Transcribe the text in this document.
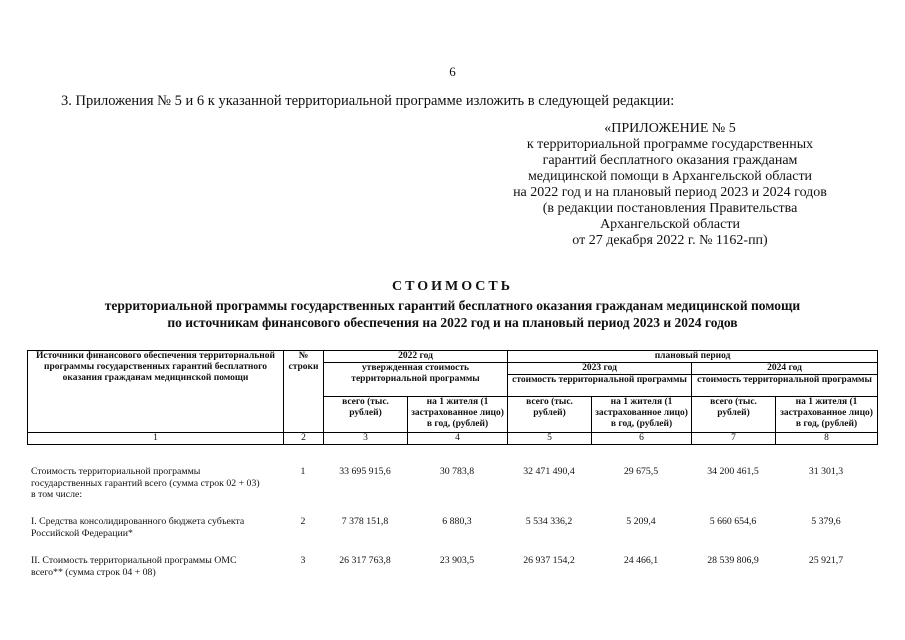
6
3. Приложения № 5 и 6 к указанной территориальной программе изложить в следующей редакции:
«ПРИЛОЖЕНИЕ № 5
к территориальной программе государственных
гарантий бесплатного оказания гражданам
медицинской помощи в Архангельской области
на 2022 год и на плановый период 2023 и 2024 годов
(в редакции постановления Правительства
Архангельской области
от 27 декабря 2022 г. № 1162-пп)
СТОИМОСТЬ
территориальной программы государственных гарантий бесплатного оказания гражданам медицинской помощи
по источникам финансового обеспечения на 2022 год и на плановый период 2023 и 2024 годов
Источники финансового обеспечения территориальной программы государственных гарантий бесплатного оказания гражданам медицинской помощи	№ строки	2022 год		плановый период			
		утвержденная стоимость территориальной программы		2023 год		2024 год	
				стоимость территориальной программы		стоимость территориальной программы	
		всего (тыс. рублей)	на 1 жителя (1 застрахованное лицо) в год, (рублей)	всего (тыс. рублей)	на 1 жителя (1 застрахованное лицо) в год, (рублей)	всего (тыс. рублей)	на 1 жителя (1 застрахованное лицо) в год, (рублей)
1	2	3	4	5	6	7	8
Стоимость территориальной программы
государственных гарантий всего (сумма строк 02 + 03)
в том числе:
1	33 695 915,6	30 783,8	32 471 490,4	29 675,5	34 200 461,5	31 301,3
I. Средства консолидированного бюджета субъекта
Российской Федерации*
2	7 378 151,8	6 880,3	5 534 336,2	5 209,4	5 660 654,6	5 379,6
II. Стоимость территориальной программы ОМС
всего** (сумма строк 04 + 08)
3	26 317 763,8	23 903,5	26 937 154,2	24 466,1	28 539 806,9	25 921,7
